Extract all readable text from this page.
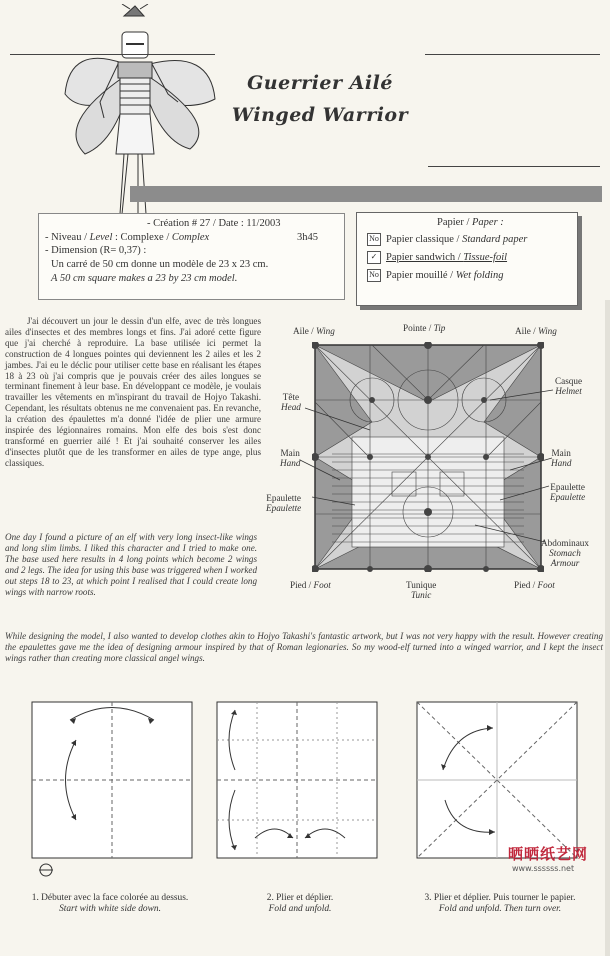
Guerrier Ailé
Winged Warrior
- Création # 27 / Date : 11/2003
- Niveau / Level : Complexe / Complex	3h45
- Dimension (R= 0,37) :
Un carré de 50 cm donne un modèle de 23 x 23 cm.
A 50 cm square makes a 23 by 23 cm model.
Papier / Paper :
No Papier classique / Standard paper
✓ Papier sandwich / Tissue-foil
No Papier mouillé / Wet folding
J'ai découvert un jour le dessin d'un elfe, avec de très longues ailes d'insectes et des membres longs et fins. J'ai adoré cette figure que j'ai cherché à reproduire. La base utilisée ici permet la construction de 4 longues pointes qui deviennent les 2 ailes et les 2 jambes. J'ai eu le déclic pour utiliser cette base en réalisant les étapes 18 à 23 où j'ai compris que je pouvais créer des ailes longues se terminant finement à leur base. En développant ce modèle, je voulais travailler les vêtements en m'inspirant du travail de Hojyo Takashi. Cependant, les résultats obtenus ne me convenaient pas. En revanche, la création des épaulettes m'a donné l'idée de plier une armure inspirée des légionnaires romains. Mon elfe des bois s'est donc transformé en guerrier ailé ! Et j'ai souhaité conserver les ailes d'insectes plutôt que de les transformer en ailes de type ange, plus classiques.
One day I found a picture of an elf with very long insect-like wings and long slim limbs. I liked this character and I tried to make one. The base used here results in 4 long points which become 2 wings and 2 legs. The idea for using this base was triggered when I worked out steps 18 to 23, at which point I realised that I could create long wings with narrow roots.
While designing the model, I also wanted to develop clothes akin to Hojyo Takashi's fantastic artwork, but I was not very happy with the result. However creating the epaulettes gave me the idea of designing armour inspired by that of Roman legionaries. So my wood-elf turned into a winged warrior, and I kept the insect wings rather than creating more classical angel wings.
Aile / Wing	Pointe / Tip	Aile / Wing
Tête
Head
Casque
Helmet
Main
Hand
Main
Hand
Epaulette
Epaulette
Epaulette
Epaulette
Abdominaux
Stomach
Armour
Pied / Foot	Tunique
Tunic
Pied / Foot
1. Débuter avec la face colorée au dessus.
Start with white side down.
2. Plier et déplier.
Fold and unfold.
3. Plier et déplier. Puis tourner le papier.
Fold and unfold. Then turn over.
晒晒纸艺网
www.ssssss.net
